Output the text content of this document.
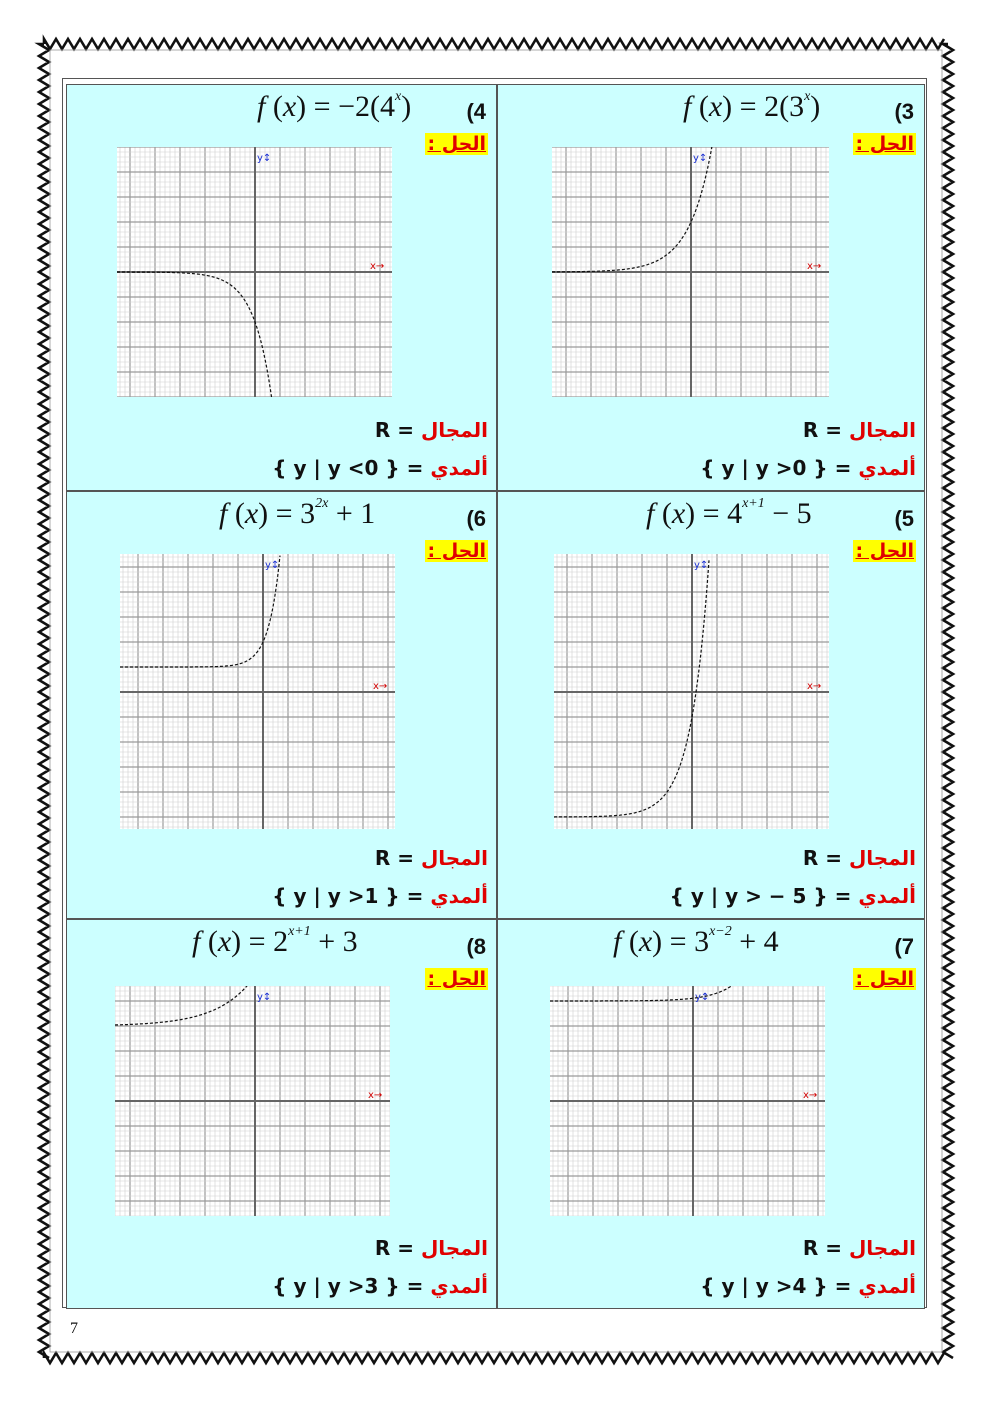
f $(x) = 2(3^x)$	(3
الحل :
x→
y↕
المجال = R
ألمدي = { 0< y | y }
f $(x) = -2(4^x)$	(4
الحل :
x→
y↕
المجال = R
ألمدي = { 0> y | y }
f $(x) = 4^{x+1} - 5$	(5
الحل :
x→
y↕
المجال = R
ألمدي = { 5 − < y | y }
f $(x) = 3^{2x} + 1$	(6
الحل :
x→
y↕
المجال = R
ألمدي = { 1< y | y }
f $(x) = 3^{x-2} + 4$	(7
الحل :
x→
y↕
المجال = R
ألمدي = { 4< y | y }
f $(x) = 2^{x+1} + 3$	(8
الحل :
x→
y↕
المجال = R
ألمدي = { 3< y | y }
7
